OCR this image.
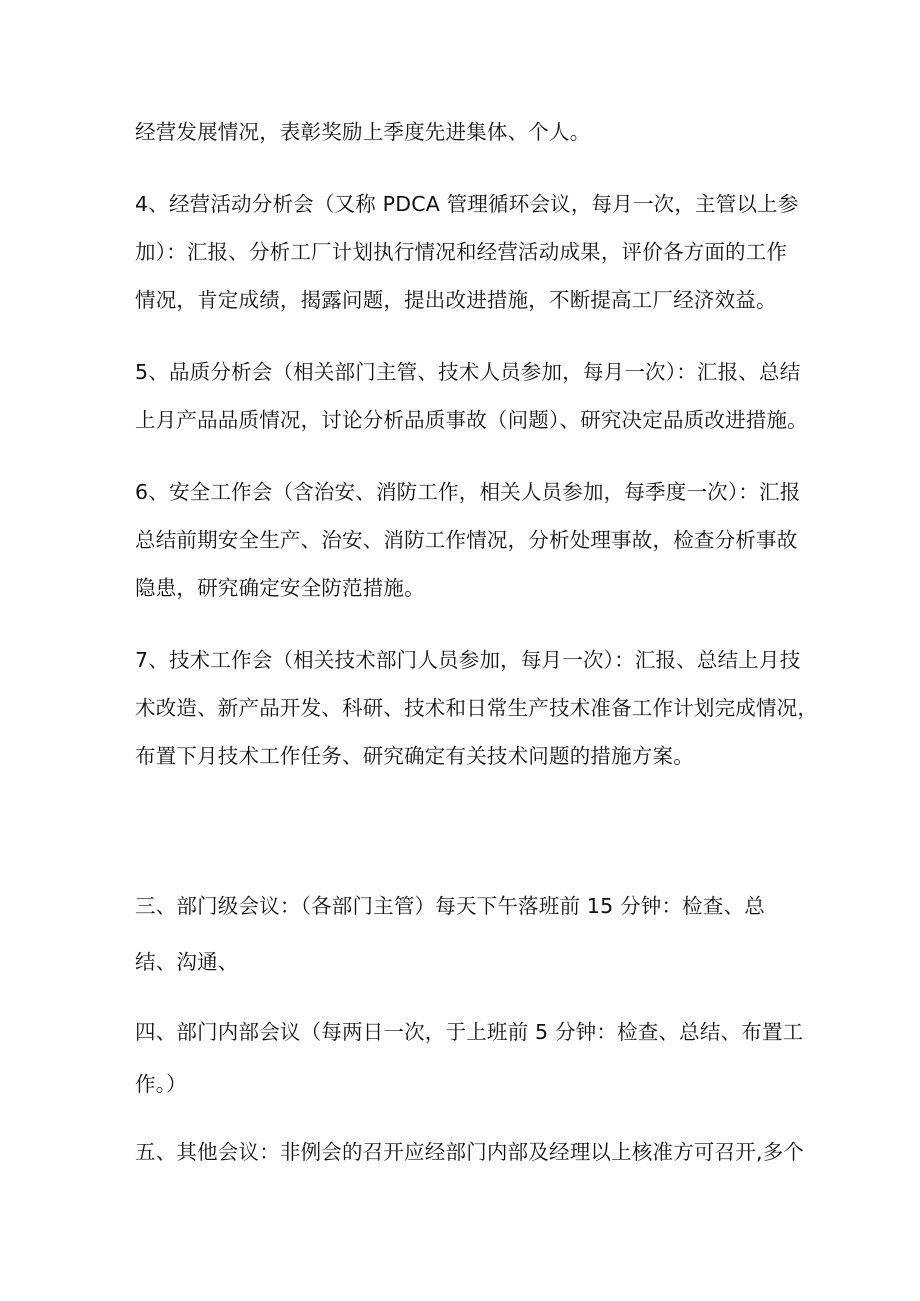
经营发展情况，表彰奖励上季度先进集体、个人。

4、经营活动分析会（又称 PDCA 管理循环会议，每月一次，主管以上参

加）：汇报、分析工厂计划执行情况和经营活动成果，评价各方面的工作

情况，肯定成绩，揭露问题，提出改进措施，不断提高工厂经济效益。

5、品质分析会（相关部门主管、技术人员参加，每月一次）：汇报、总结

上月产品品质情况，讨论分析品质事故（问题）、研究决定品质改进措施。

6、安全工作会（含治安、消防工作，相关人员参加，每季度一次）：汇报

总结前期安全生产、治安、消防工作情况，分析处理事故，检查分析事故

隐患，研究确定安全防范措施。

7、技术工作会（相关技术部门人员参加，每月一次）：汇报、总结上月技

术改造、新产品开发、科研、技术和日常生产技术准备工作计划完成情况，

布置下月技术工作任务、研究确定有关技术问题的措施方案。

三、部门级会议：（各部门主管）每天下午落班前 15 分钟：检查、总

结、沟通、

四、部门内部会议（每两日一次，于上班前 5 分钟：检查、总结、布置工

作。）

五、其他会议：非例会的召开应经部门内部及经理以上核准方可召开,多个
